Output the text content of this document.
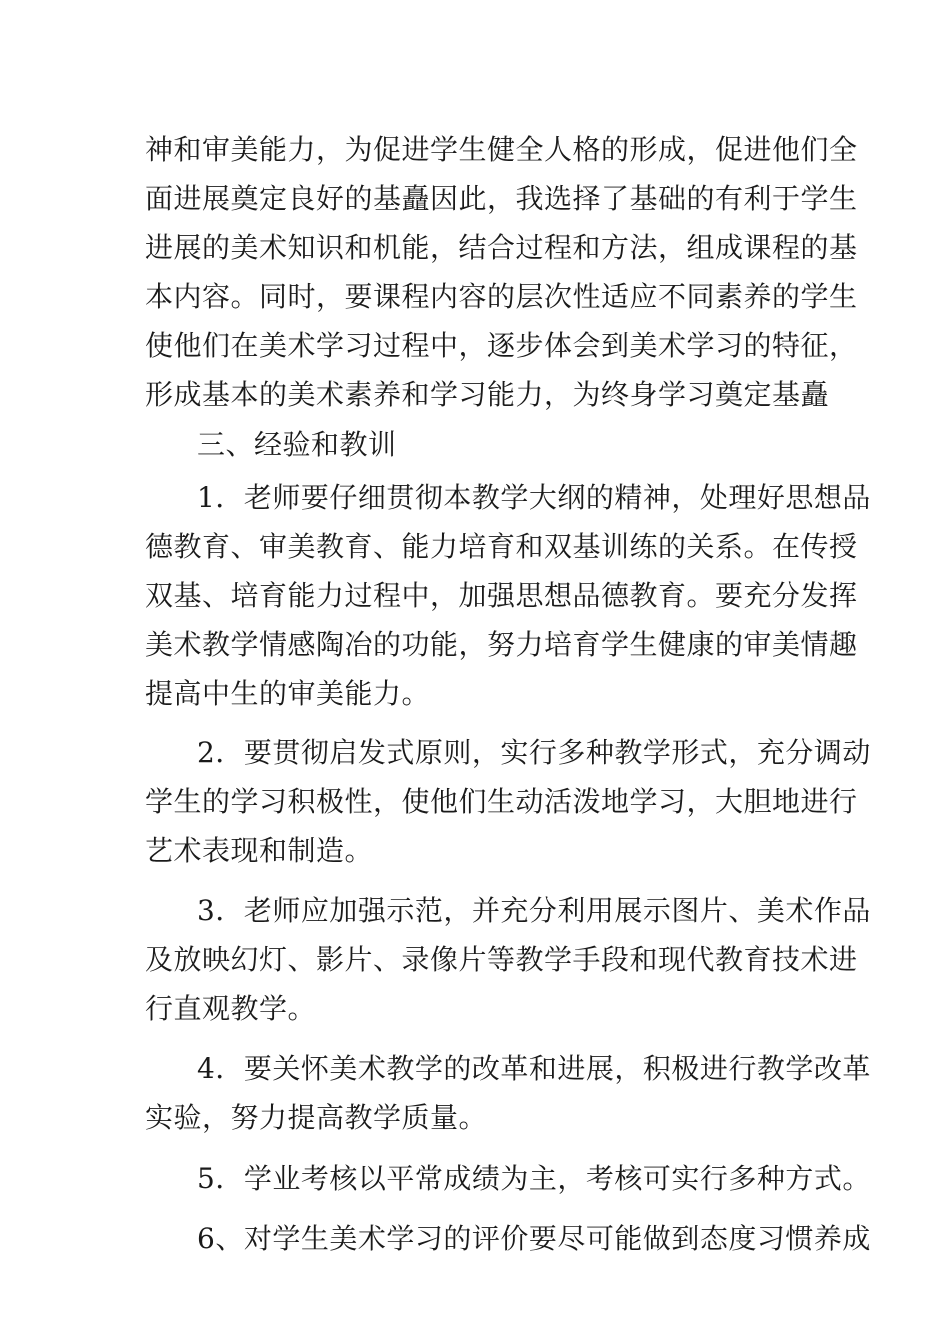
神和审美能力，为促进学生健全人格的形成，促进他们全
面进展奠定良好的基矗因此，我选择了基础的有利于学生
进展的美术知识和机能，结合过程和方法，组成课程的基
本内容。同时，要课程内容的层次性适应不同素养的学生
使他们在美术学习过程中，逐步体会到美术学习的特征，
形成基本的美术素养和学习能力，为终身学习奠定基矗
三、经验和教训
1．老师要仔细贯彻本教学大纲的精神，处理好思想品
德教育、审美教育、能力培育和双基训练的关系。在传授
双基、培育能力过程中，加强思想品德教育。要充分发挥
美术教学情感陶冶的功能，努力培育学生健康的审美情趣
提高中生的审美能力。
2．要贯彻启发式原则，实行多种教学形式，充分调动
学生的学习积极性，使他们生动活泼地学习，大胆地进行
艺术表现和制造。
3．老师应加强示范，并充分利用展示图片、美术作品
及放映幻灯、影片、录像片等教学手段和现代教育技术进
行直观教学。
4．要关怀美术教学的改革和进展，积极进行教学改革
实验，努力提高教学质量。
5．学业考核以平常成绩为主，考核可实行多种方式。
6、对学生美术学习的评价要尽可能做到态度习惯养成
